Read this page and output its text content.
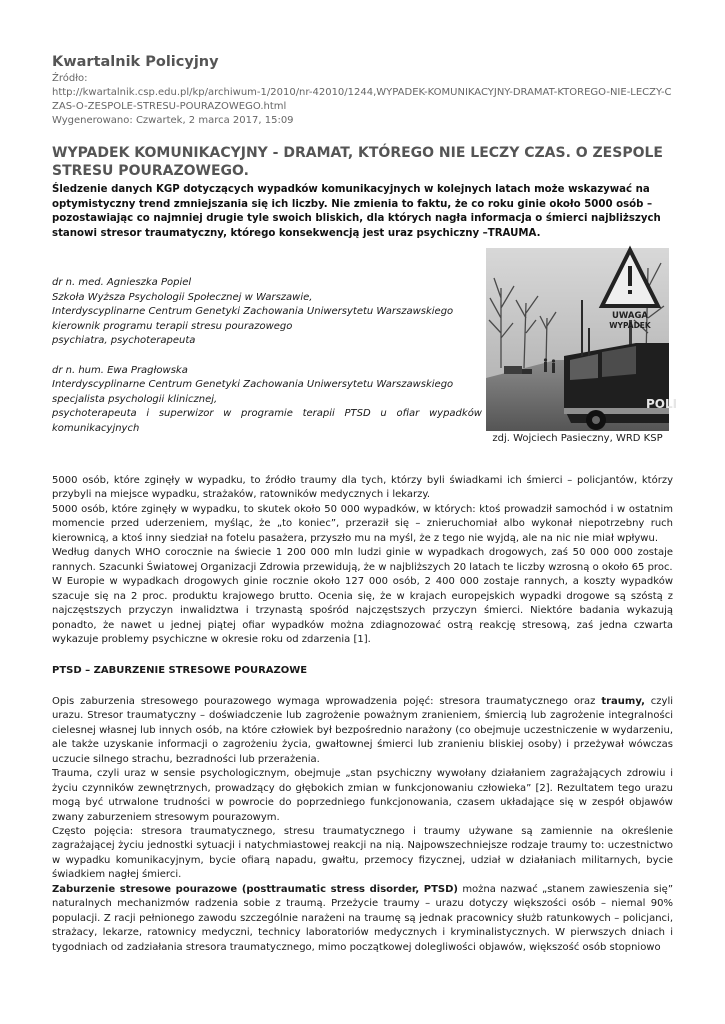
Kwartalnik Policyjny
Źródło:
http://kwartalnik.csp.edu.pl/kp/archiwum-1/2010/nr-42010/1244,WYPADEK-KOMUNIKACYJNY-DRAMAT-KTOREGO-NIE-LECZY-C
ZAS-O-ZESPOLE-STRESU-POURAZOWEGO.html
Wygenerowano: Czwartek, 2 marca 2017, 15:09
WYPADEK KOMUNIKACYJNY - DRAMAT, KTÓREGO NIE LECZY CZAS. O ZESPOLE STRESU POURAZOWEGO.
Śledzenie danych KGP dotyczących wypadków komunikacyjnych w kolejnych latach może wskazywać na optymistyczny trend zmniejszania się ich liczby. Nie zmienia to faktu, że co roku ginie około 5000 osób – pozostawiając co najmniej drugie tyle swoich bliskich, dla których nagła informacja o śmierci najbliższych stanowi stresor traumatyczny, którego konsekwencją jest uraz psychiczny –TRAUMA.
dr n. med. Agnieszka Popiel
Szkoła Wyższa Psychologii Społecznej w Warszawie,
Interdyscyplinarne Centrum Genetyki Zachowania Uniwersytetu Warszawskiego
kierownik programu terapii stresu pourazowego
psychiatra, psychoterapeuta
dr n. hum. Ewa Pragłowska
Interdyscyplinarne Centrum Genetyki Zachowania Uniwersytetu Warszawskiego
specjalista psychologii klinicznej,
psychoterapeuta i superwizor w programie terapii PTSD u ofiar wypadków komunikacyjnych
UWAGA
WYPADEK
POLI
zdj. Wojciech Pasieczny, WRD KSP

5000 osób, które zginęły w wypadku, to źródło traumy dla tych, którzy byli świadkami ich śmierci – policjantów, którzy przybyli na miejsce wypadku, strażaków, ratowników medycznych i lekarzy.

5000 osób, które zginęły w wypadku, to skutek około 50 000 wypadków, w których: ktoś prowadził samochód i w ostatnim momencie przed uderzeniem, myśląc, że „to koniec”, przeraził się – znieruchomiał albo wykonał niepotrzebny ruch kierownicą, a ktoś inny siedział na fotelu pasażera, przyszło mu na myśl, że z tego nie wyjdą, ale na nic nie miał wpływu.

Według danych WHO corocznie na świecie 1 200 000 mln ludzi ginie w wypadkach drogowych, zaś 50 000 000 zostaje rannych. Szacunki Światowej Organizacji Zdrowia przewidują, że w najbliższych 20 latach te liczby wzrosną o około 65 proc.

W Europie w wypadkach drogowych ginie rocznie około 127 000 osób, 2 400 000 zostaje rannych, a koszty wypadków szacuje się na 2 proc. produktu krajowego brutto. Ocenia się, że w krajach europejskich wypadki drogowe są szóstą z najczęstszych przyczyn inwalidztwa i trzynastą spośród najczęstszych przyczyn śmierci. Niektóre badania wykazują ponadto, że nawet u jednej piątej ofiar wypadków można zdiagnozować ostrą reakcję stresową, zaś jedna czwarta wykazuje problemy psychiczne w okresie roku od zdarzenia [1].

PTSD – ZABURZENIE STRESOWE POURAZOWE

Opis zaburzenia stresowego pourazowego wymaga wprowadzenia pojęć: stresora traumatycznego oraz traumy, czyli urazu. Stresor traumatyczny – doświadczenie lub zagrożenie poważnym zranieniem, śmiercią lub zagrożenie integralności cielesnej własnej lub innych osób, na które człowiek był bezpośrednio narażony (co obejmuje uczestniczenie w wydarzeniu, ale także uzyskanie informacji o zagrożeniu życia, gwałtownej śmierci lub zranieniu bliskiej osoby) i przeżywał wówczas uczucie silnego strachu, bezradności lub przerażenia.

Trauma, czyli uraz w sensie psychologicznym, obejmuje „stan psychiczny wywołany działaniem zagrażających zdrowiu i życiu czynników zewnętrznych, prowadzący do głębokich zmian w funkcjonowaniu człowieka” [2]. Rezultatem tego urazu mogą być utrwalone trudności w powrocie do poprzedniego funkcjonowania, czasem układające się w zespół objawów zwany zaburzeniem stresowym pourazowym.

Często pojęcia: stresora traumatycznego, stresu traumatycznego i traumy używane są zamiennie na określenie zagrażającej życiu jednostki sytuacji i natychmiastowej reakcji na nią. Najpowszechniejsze rodzaje traumy to: uczestnictwo w wypadku komunikacyjnym, bycie ofiarą napadu, gwałtu, przemocy fizycznej, udział w działaniach militarnych, bycie świadkiem nagłej śmierci.

Zaburzenie stresowe pourazowe (posttraumatic stress disorder, PTSD) można nazwać „stanem zawieszenia się” naturalnych mechanizmów radzenia sobie z traumą. Przeżycie traumy – urazu dotyczy większości osób – niemal 90% populacji. Z racji pełnionego zawodu szczególnie narażeni na traumę są jednak pracownicy służb ratunkowych – policjanci, strażacy, lekarze, ratownicy medyczni, technicy laboratoriów medycznych i kryminalistycznych. W pierwszych dniach i tygodniach od zadziałania stresora traumatycznego, mimo początkowej dolegliwości objawów, większość osób stopniowo
